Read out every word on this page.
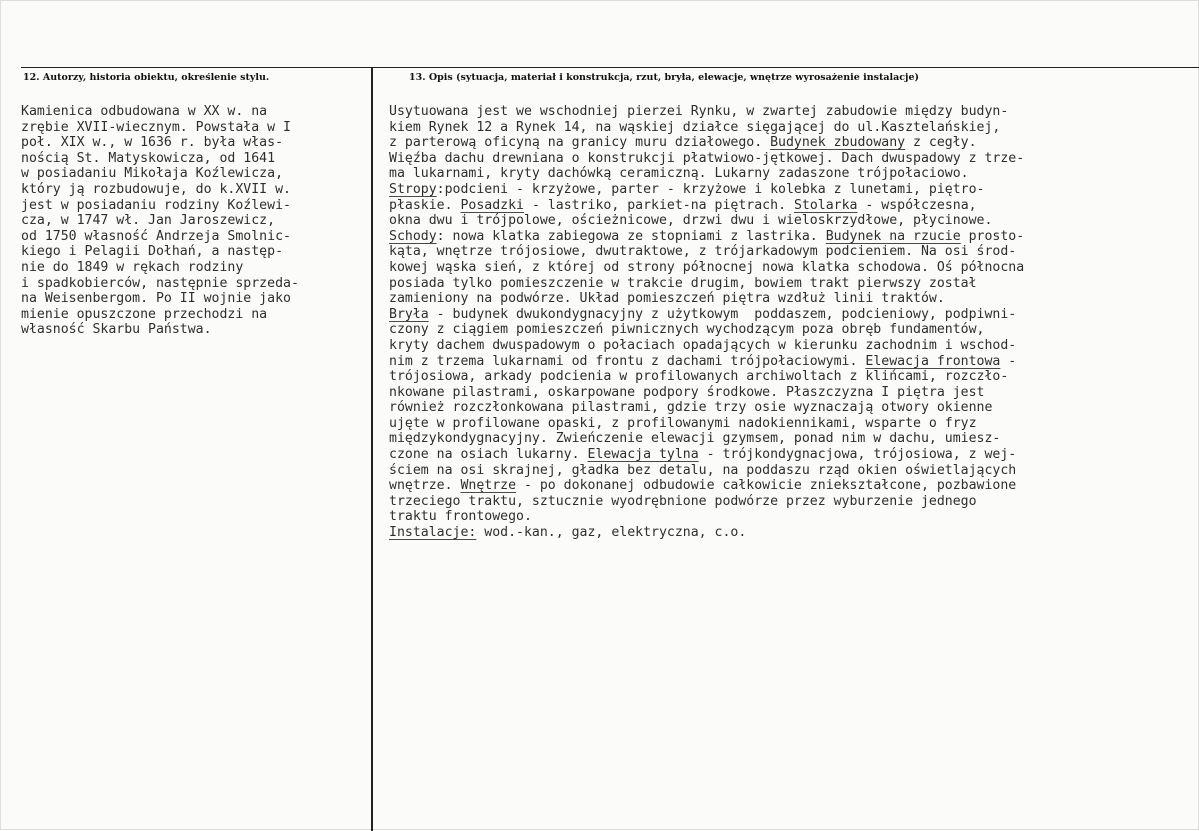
12. Autorzy, historia obiektu, określenie stylu.	13. Opis (sytuacja, materiał i konstrukcja, rzut, bryła, elewacje, wnętrze wyrosażenie instalacje)
Kamienica odbudowana w XX w. na
zrębie XVII-wiecznym. Powstała w I
poł. XIX w., w 1636 r. była włas-
nością St. Matyskowicza, od 1641
w posiadaniu Mikołaja Koźlewicza,
który ją rozbudowuje, do k.XVII w.
jest w posiadaniu rodziny Koźlewi-
cza, w 1747 wł. Jan Jaroszewicz,
od 1750 własność Andrzeja Smolnic-
kiego i Pelagii Dołhań, a następ-
nie do 1849 w rękach rodziny
i spadkobierców, następnie sprzeda-
na Weisenbergom. Po II wojnie jako
mienie opuszczone przechodzi na
własność Skarbu Państwa.
Usytuowana jest we wschodniej pierzei Rynku, w zwartej zabudowie między budyn-
kiem Rynek 12 a Rynek 14, na wąskiej działce sięgającej do ul.Kasztelańskiej,
z parterową oficyną na granicy muru działowego. Budynek zbudowany z cegły.
Więźba dachu drewniana o konstrukcji płatwiowo-jętkowej. Dach dwuspadowy z trze-
ma lukarnami, kryty dachówką ceramiczną. Lukarny zadaszone trójpołaciowo.
Stropy:podcieni - krzyżowe, parter - krzyżowe i kolebka z lunetami, piętro-
płaskie. Posadzki - lastriko, parkiet-na piętrach. Stolarka - współczesna,
okna dwu i trójpolowe, ościeżnicowe, drzwi dwu i wieloskrzydłowe, płycinowe.
Schody: nowa klatka zabiegowa ze stopniami z lastrika. Budynek na rzucie prosto-
kąta, wnętrze trójosiowe, dwutraktowe, z trójarkadowym podcieniem. Na osi środ-
kowej wąska sień, z której od strony północnej nowa klatka schodowa. Oś północna
posiada tylko pomieszczenie w trakcie drugim, bowiem trakt pierwszy został
zamieniony na podwórze. Układ pomieszczeń piętra wzdłuż linii traktów.
Bryła - budynek dwukondygnacyjny z użytkowym  poddaszem, podcieniowy, podpiwni-
czony z ciągiem pomieszczeń piwnicznych wychodzącym poza obręb fundamentów,
kryty dachem dwuspadowym o połaciach opadających w kierunku zachodnim i wschod-
nim z trzema lukarnami od frontu z dachami trójpołaciowymi. Elewacja frontowa -
trójosiowa, arkady podcienia w profilowanych archiwoltach z klińcami, rozczło-
nkowane pilastrami, oskarpowane podpory środkowe. Płaszczyzna I piętra jest
również rozczłonkowana pilastrami, gdzie trzy osie wyznaczają otwory okienne
ujęte w profilowane opaski, z profilowanymi nadokiennikami, wsparte o fryz
międzykondygnacyjny. Zwieńczenie elewacji gzymsem, ponad nim w dachu, umiesz-
czone na osiach lukarny. Elewacja tylna - trójkondygnacjowa, trójosiowa, z wej-
ściem na osi skrajnej, gładka bez detalu, na poddaszu rząd okien oświetlających
wnętrze. Wnętrze - po dokonanej odbudowie całkowicie zniekształcone, pozbawione
trzeciego traktu, sztucznie wyodrębnione podwórze przez wyburzenie jednego
traktu frontowego.
Instalacje: wod.-kan., gaz, elektryczna, c.o.
